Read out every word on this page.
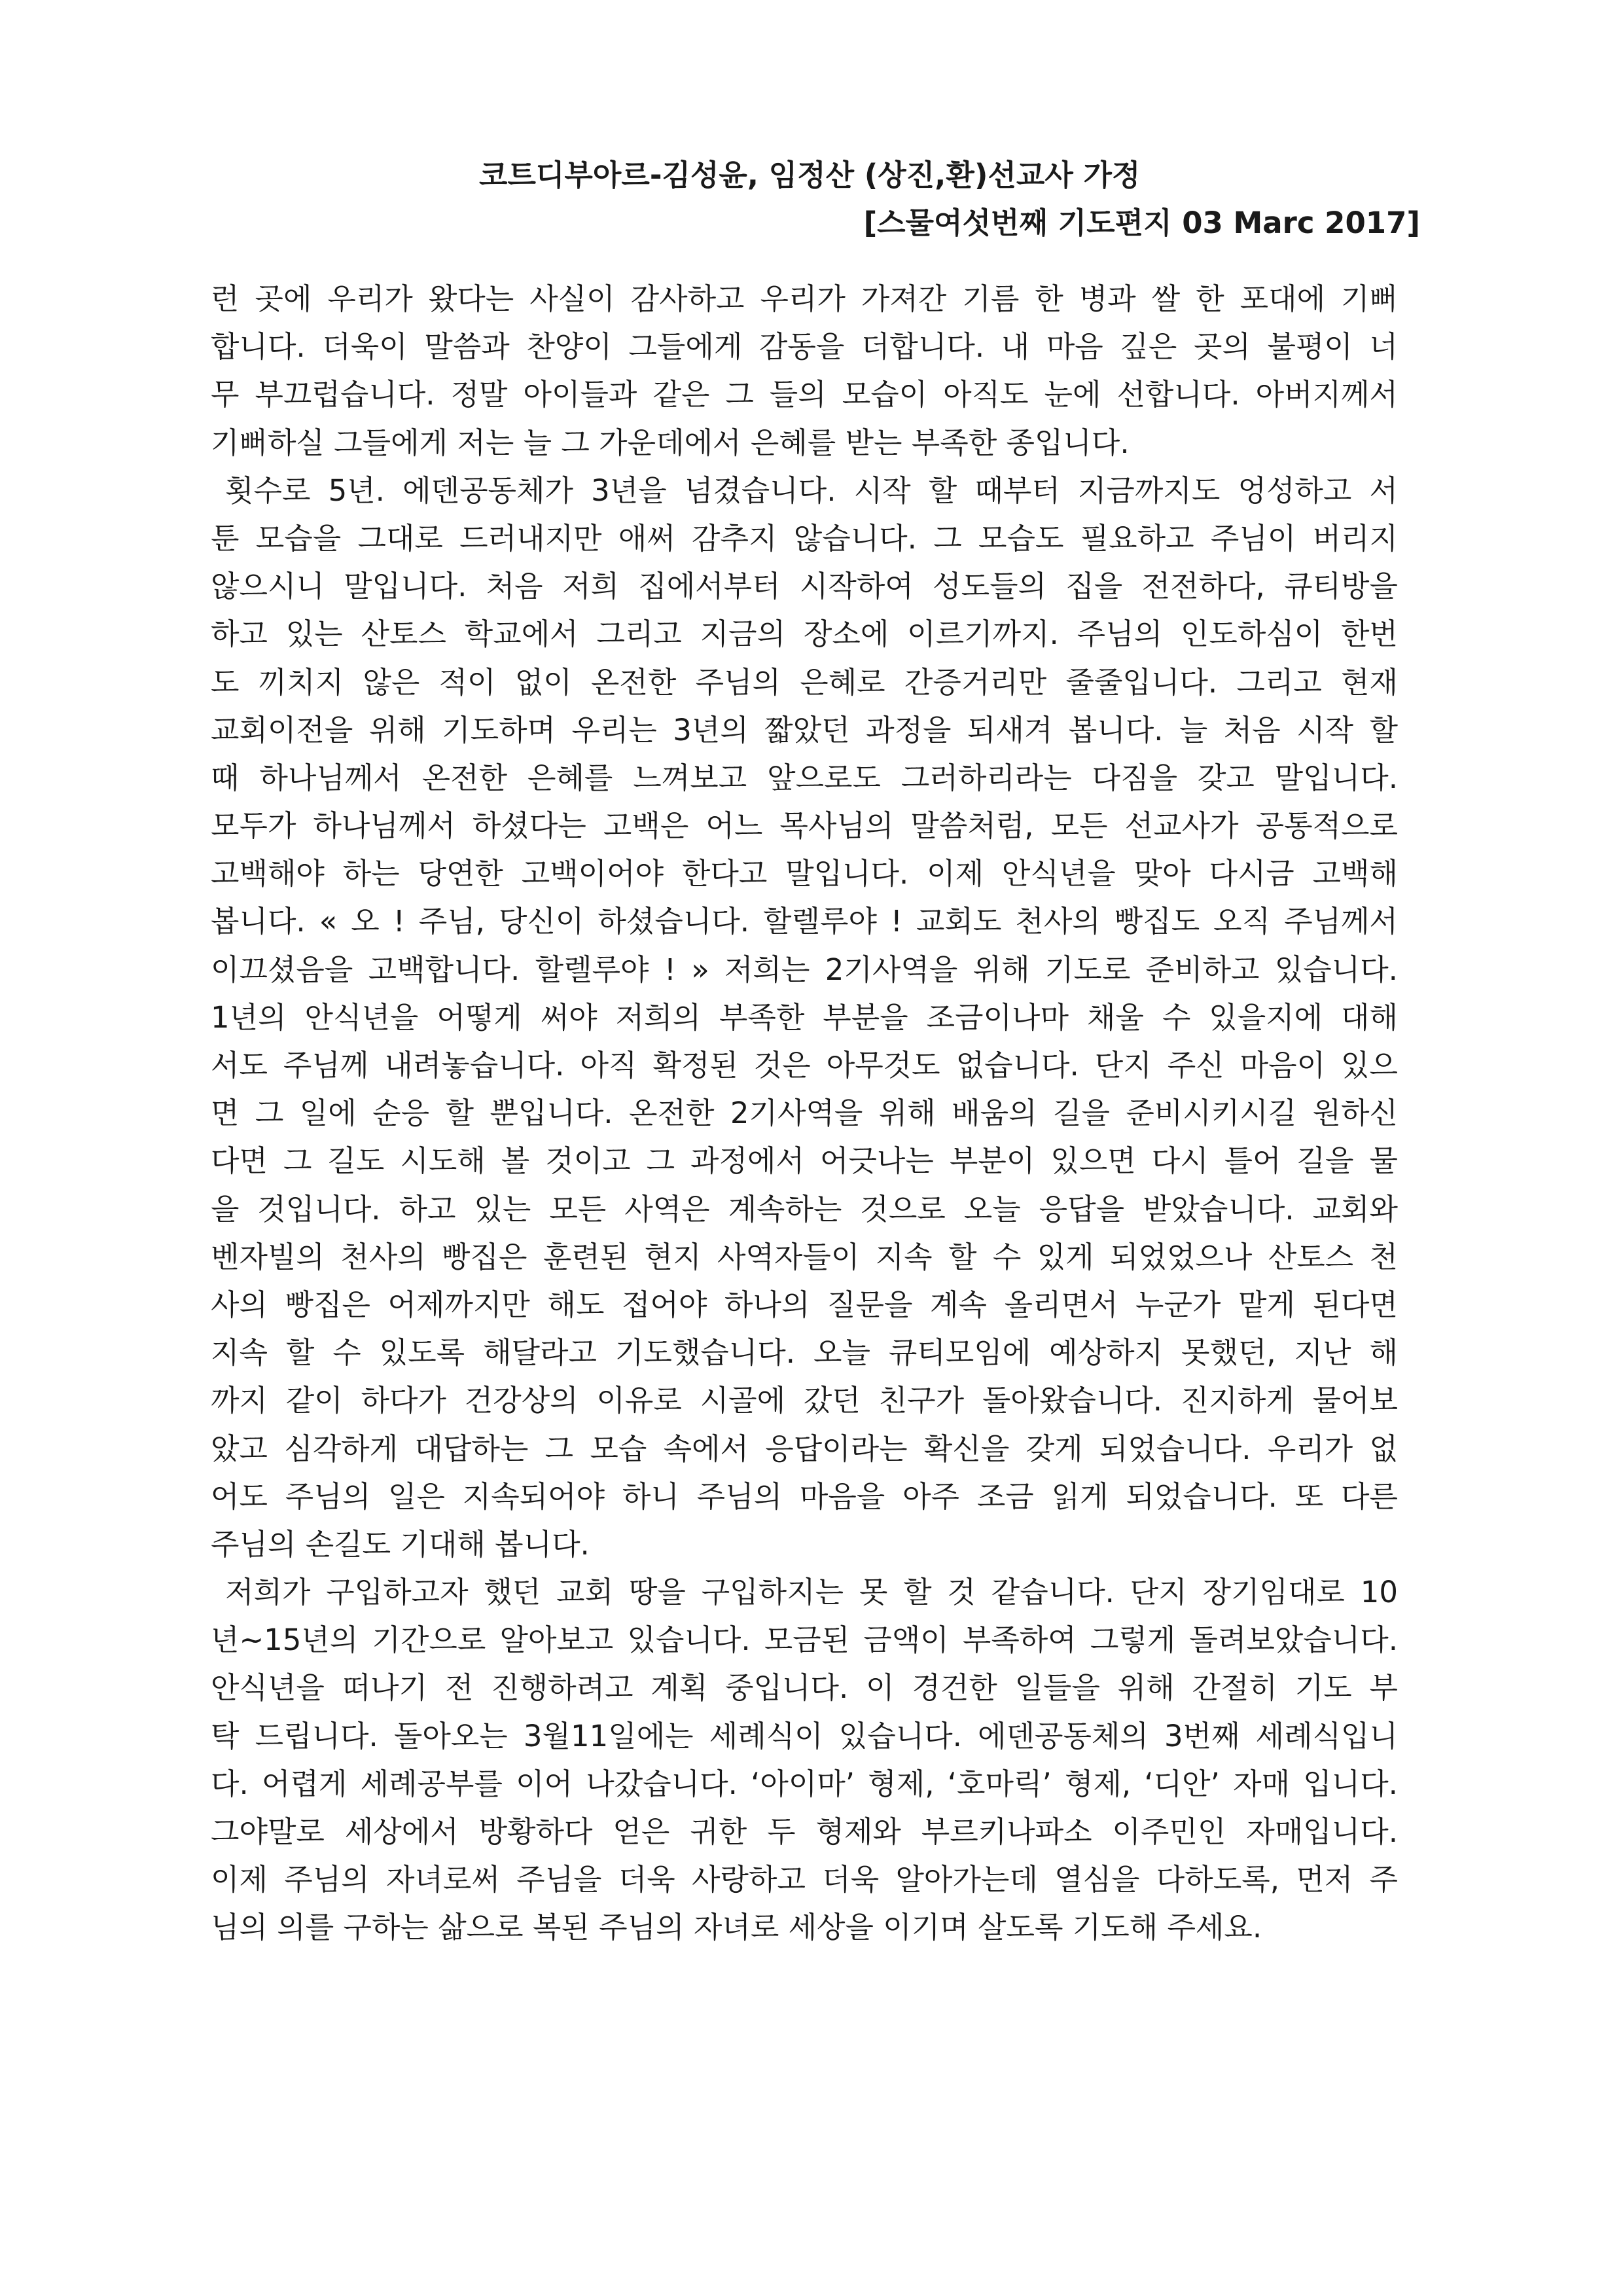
코트디부아르-김성윤, 임정산 (상진,환)선교사 가정
[스물여섯번째 기도편지 03 Marc 2017]
런 곳에 우리가 왔다는 사실이 감사하고 우리가 가져간 기름 한 병과 쌀 한 포대에 기뻐
합니다. 더욱이 말씀과 찬양이 그들에게 감동을 더합니다. 내 마음 깊은 곳의 불평이 너
무 부끄럽습니다. 정말 아이들과 같은 그 들의 모습이 아직도 눈에 선합니다. 아버지께서
기뻐하실 그들에게 저는 늘 그 가운데에서 은혜를 받는 부족한 종입니다.
횟수로 5년. 에덴공동체가 3년을 넘겼습니다. 시작 할 때부터 지금까지도 엉성하고 서
툰 모습을 그대로 드러내지만 애써 감추지 않습니다. 그 모습도 필요하고 주님이 버리지
않으시니 말입니다. 처음 저희 집에서부터 시작하여 성도들의 집을 전전하다, 큐티방을
하고 있는 산토스 학교에서 그리고 지금의 장소에 이르기까지. 주님의 인도하심이 한번
도 끼치지 않은 적이 없이 온전한 주님의 은혜로 간증거리만 줄줄입니다. 그리고 현재
교회이전을 위해 기도하며 우리는 3년의 짧았던 과정을 되새겨 봅니다. 늘 처음 시작 할
때 하나님께서 온전한 은혜를 느껴보고 앞으로도 그러하리라는 다짐을 갖고 말입니다.
모두가 하나님께서 하셨다는 고백은 어느 목사님의 말씀처럼, 모든 선교사가 공통적으로
고백해야 하는 당연한 고백이어야 한다고 말입니다. 이제 안식년을 맞아 다시금 고백해
봅니다. « 오 ! 주님, 당신이 하셨습니다. 할렐루야 ! 교회도 천사의 빵집도 오직 주님께서
이끄셨음을 고백합니다. 할렐루야 ! » 저희는 2기사역을 위해 기도로 준비하고 있습니다.
1년의 안식년을 어떻게 써야 저희의 부족한 부분을 조금이나마 채울 수 있을지에 대해
서도 주님께 내려놓습니다. 아직 확정된 것은 아무것도 없습니다. 단지 주신 마음이 있으
면 그 일에 순응 할 뿐입니다. 온전한 2기사역을 위해 배움의 길을 준비시키시길 원하신
다면 그 길도 시도해 볼 것이고 그 과정에서 어긋나는 부분이 있으면 다시 틀어 길을 물
을 것입니다. 하고 있는 모든 사역은 계속하는 것으로 오늘 응답을 받았습니다. 교회와
벤자빌의 천사의 빵집은 훈련된 현지 사역자들이 지속 할 수 있게 되었었으나 산토스 천
사의 빵집은 어제까지만 해도 접어야 하나의 질문을 계속 올리면서 누군가 맡게 된다면
지속 할 수 있도록 해달라고 기도했습니다. 오늘 큐티모임에 예상하지 못했던, 지난 해
까지 같이 하다가 건강상의 이유로 시골에 갔던 친구가 돌아왔습니다. 진지하게 물어보
았고 심각하게 대답하는 그 모습 속에서 응답이라는 확신을 갖게 되었습니다. 우리가 없
어도 주님의 일은 지속되어야 하니 주님의 마음을 아주 조금 읽게 되었습니다. 또 다른
주님의 손길도 기대해 봅니다.
저희가 구입하고자 했던 교회 땅을 구입하지는 못 할 것 같습니다. 단지 장기임대로 10
년~15년의 기간으로 알아보고 있습니다. 모금된 금액이 부족하여 그렇게 돌려보았습니다.
안식년을 떠나기 전 진행하려고 계획 중입니다. 이 경건한 일들을 위해 간절히 기도 부
탁 드립니다. 돌아오는 3월11일에는 세례식이 있습니다. 에덴공동체의 3번째 세례식입니
다. 어렵게 세례공부를 이어 나갔습니다. ‘아이마’ 형제, ‘호마릭’ 형제, ‘디안’ 자매 입니다.
그야말로 세상에서 방황하다 얻은 귀한 두 형제와 부르키나파소 이주민인 자매입니다.
이제 주님의 자녀로써 주님을 더욱 사랑하고 더욱 알아가는데 열심을 다하도록, 먼저 주
님의 의를 구하는 삶으로 복된 주님의 자녀로 세상을 이기며 살도록 기도해 주세요.
